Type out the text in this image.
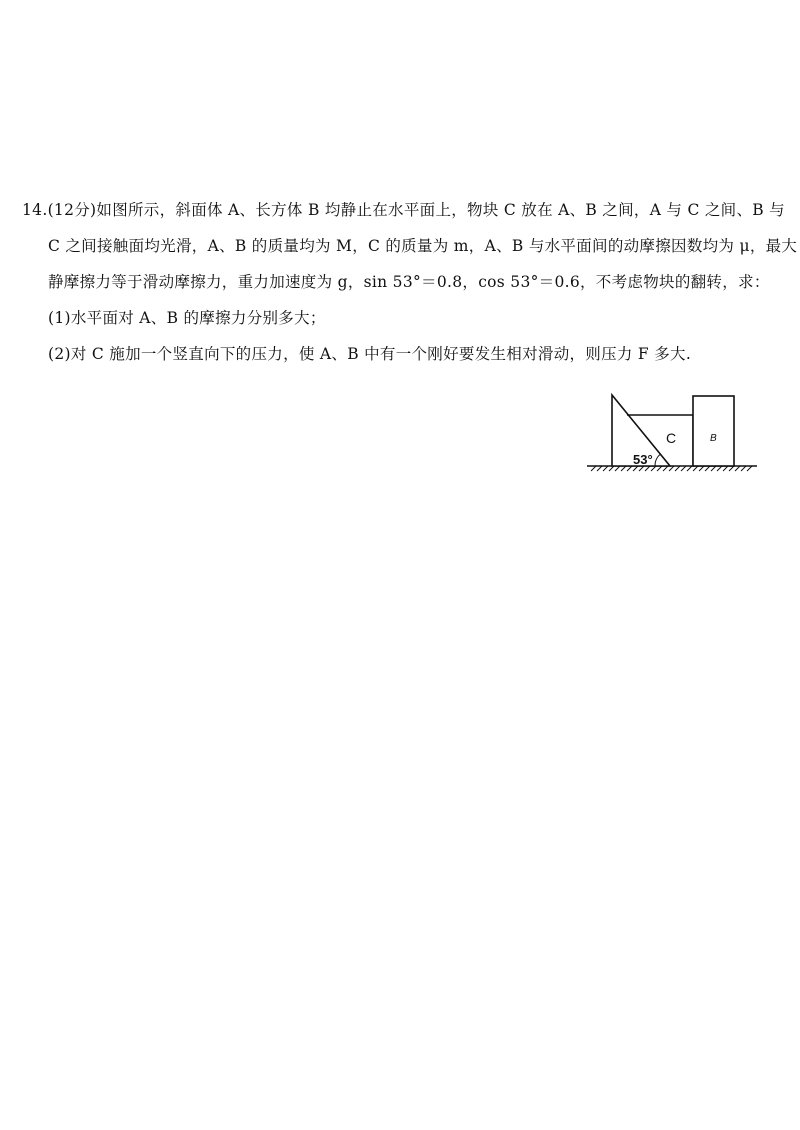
14.(12分)如图所示，斜面体 A、长方体 B 均静止在水平面上，物块 C 放在 A、B 之间，A 与 C 之间、B 与
C 之间接触面均光滑，A、B 的质量均为 M，C 的质量为 m，A、B 与水平面间的动摩擦因数均为 μ，最大
静摩擦力等于滑动摩擦力，重力加速度为 g，sin 53°＝0.8，cos 53°＝0.6，不考虑物块的翻转，求：
(1)水平面对 A、B 的摩擦力分别多大；
(2)对 C 施加一个竖直向下的压力，使 A、B 中有一个刚好要发生相对滑动，则压力 F 多大.
C	B
53°
